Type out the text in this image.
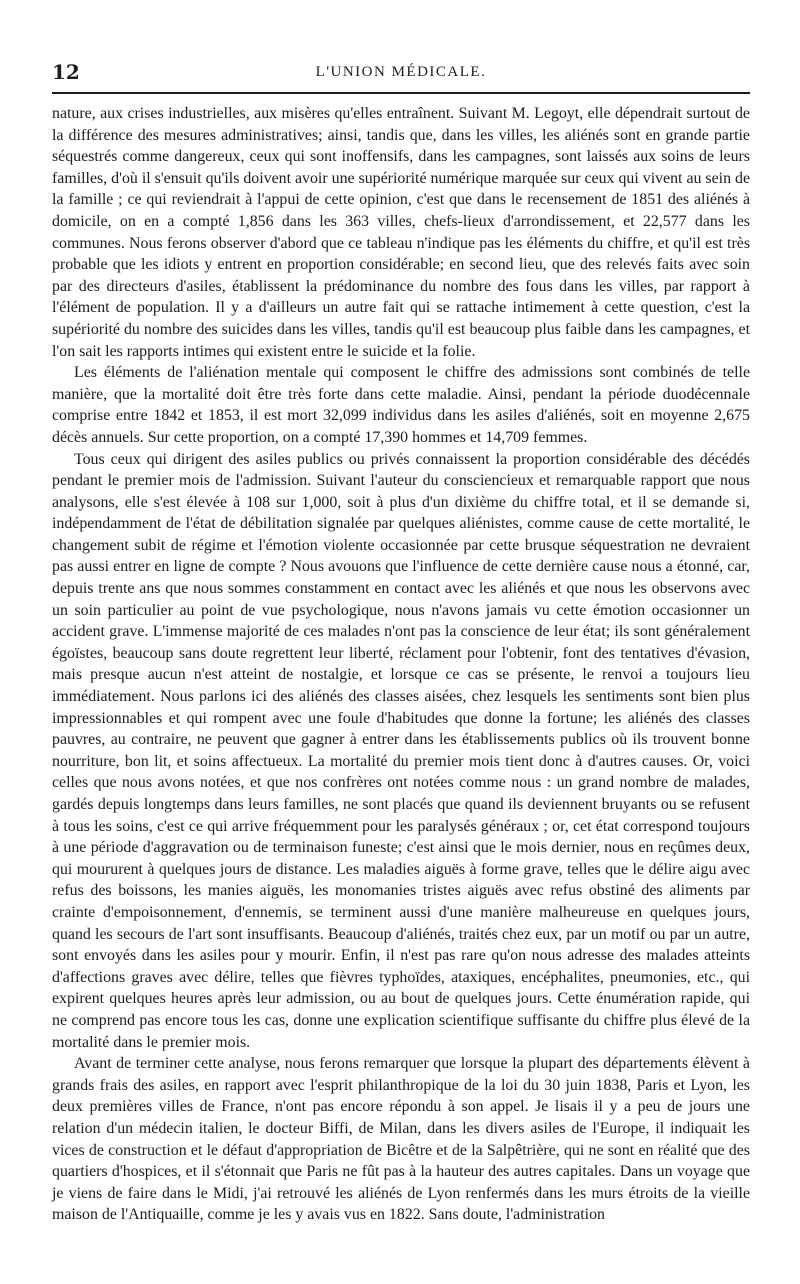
12	L'UNION MÉDICALE.

nature, aux crises industrielles, aux misères qu'elles entraînent. Suivant M. Legoyt, elle dépendrait surtout de la différence des mesures administratives; ainsi, tandis que, dans les villes, les aliénés sont en grande partie séquestrés comme dangereux, ceux qui sont inoffensifs, dans les campagnes, sont laissés aux soins de leurs familles, d'où il s'ensuit qu'ils doivent avoir une supériorité numérique marquée sur ceux qui vivent au sein de la famille ; ce qui reviendrait à l'appui de cette opinion, c'est que dans le recensement de 1851 des aliénés à domicile, on en a compté 1,856 dans les 363 villes, chefs-lieux d'arrondissement, et 22,577 dans les communes. Nous ferons observer d'abord que ce tableau n'indique pas les éléments du chiffre, et qu'il est très probable que les idiots y entrent en proportion considérable; en second lieu, que des relevés faits avec soin par des directeurs d'asiles, établissent la prédominance du nombre des fous dans les villes, par rapport à l'élément de population. Il y a d'ailleurs un autre fait qui se rattache intimement à cette question, c'est la supériorité du nombre des suicides dans les villes, tandis qu'il est beaucoup plus faible dans les campagnes, et l'on sait les rapports intimes qui existent entre le suicide et la folie.

Les éléments de l'aliénation mentale qui composent le chiffre des admissions sont combinés de telle manière, que la mortalité doit être très forte dans cette maladie. Ainsi, pendant la période duodécennale comprise entre 1842 et 1853, il est mort 32,099 individus dans les asiles d'aliénés, soit en moyenne 2,675 décès annuels. Sur cette proportion, on a compté 17,390 hommes et 14,709 femmes.

Tous ceux qui dirigent des asiles publics ou privés connaissent la proportion considérable des décédés pendant le premier mois de l'admission. Suivant l'auteur du consciencieux et remarquable rapport que nous analysons, elle s'est élevée à 108 sur 1,000, soit à plus d'un dixième du chiffre total, et il se demande si, indépendamment de l'état de débilitation signalée par quelques aliénistes, comme cause de cette mortalité, le changement subit de régime et l'émotion violente occasionnée par cette brusque séquestration ne devraient pas aussi entrer en ligne de compte ? Nous avouons que l'influence de cette dernière cause nous a étonné, car, depuis trente ans que nous sommes constamment en contact avec les aliénés et que nous les observons avec un soin particulier au point de vue psychologique, nous n'avons jamais vu cette émotion occasionner un accident grave. L'immense majorité de ces malades n'ont pas la conscience de leur état; ils sont généralement égoïstes, beaucoup sans doute regrettent leur liberté, réclament pour l'obtenir, font des tentatives d'évasion, mais presque aucun n'est atteint de nostalgie, et lorsque ce cas se présente, le renvoi a toujours lieu immédiatement. Nous parlons ici des aliénés des classes aisées, chez lesquels les sentiments sont bien plus impressionnables et qui rompent avec une foule d'habitudes que donne la fortune; les aliénés des classes pauvres, au contraire, ne peuvent que gagner à entrer dans les établissements publics où ils trouvent bonne nourriture, bon lit, et soins affectueux. La mortalité du premier mois tient donc à d'autres causes. Or, voici celles que nous avons notées, et que nos confrères ont notées comme nous : un grand nombre de malades, gardés depuis longtemps dans leurs familles, ne sont placés que quand ils deviennent bruyants ou se refusent à tous les soins, c'est ce qui arrive fréquemment pour les paralysés généraux ; or, cet état correspond toujours à une période d'aggravation ou de terminaison funeste; c'est ainsi que le mois dernier, nous en reçûmes deux, qui moururent à quelques jours de distance. Les maladies aiguës à forme grave, telles que le délire aigu avec refus des boissons, les manies aiguës, les monomanies tristes aiguës avec refus obstiné des aliments par crainte d'empoisonnement, d'ennemis, se terminent aussi d'une manière malheureuse en quelques jours, quand les secours de l'art sont insuffisants. Beaucoup d'aliénés, traités chez eux, par un motif ou par un autre, sont envoyés dans les asiles pour y mourir. Enfin, il n'est pas rare qu'on nous adresse des malades atteints d'affections graves avec délire, telles que fièvres typhoïdes, ataxiques, encéphalites, pneumonies, etc., qui expirent quelques heures après leur admission, ou au bout de quelques jours. Cette énumération rapide, qui ne comprend pas encore tous les cas, donne une explication scientifique suffisante du chiffre plus élevé de la mortalité dans le premier mois.

Avant de terminer cette analyse, nous ferons remarquer que lorsque la plupart des départements élèvent à grands frais des asiles, en rapport avec l'esprit philanthropique de la loi du 30 juin 1838, Paris et Lyon, les deux premières villes de France, n'ont pas encore répondu à son appel. Je lisais il y a peu de jours une relation d'un médecin italien, le docteur Biffi, de Milan, dans les divers asiles de l'Europe, il indiquait les vices de construction et le défaut d'appropriation de Bicêtre et de la Salpêtrière, qui ne sont en réalité que des quartiers d'hospices, et il s'étonnait que Paris ne fût pas à la hauteur des autres capitales. Dans un voyage que je viens de faire dans le Midi, j'ai retrouvé les aliénés de Lyon renfermés dans les murs étroits de la vieille maison de l'Antiquaille, comme je les y avais vus en 1822. Sans doute, l'administration
